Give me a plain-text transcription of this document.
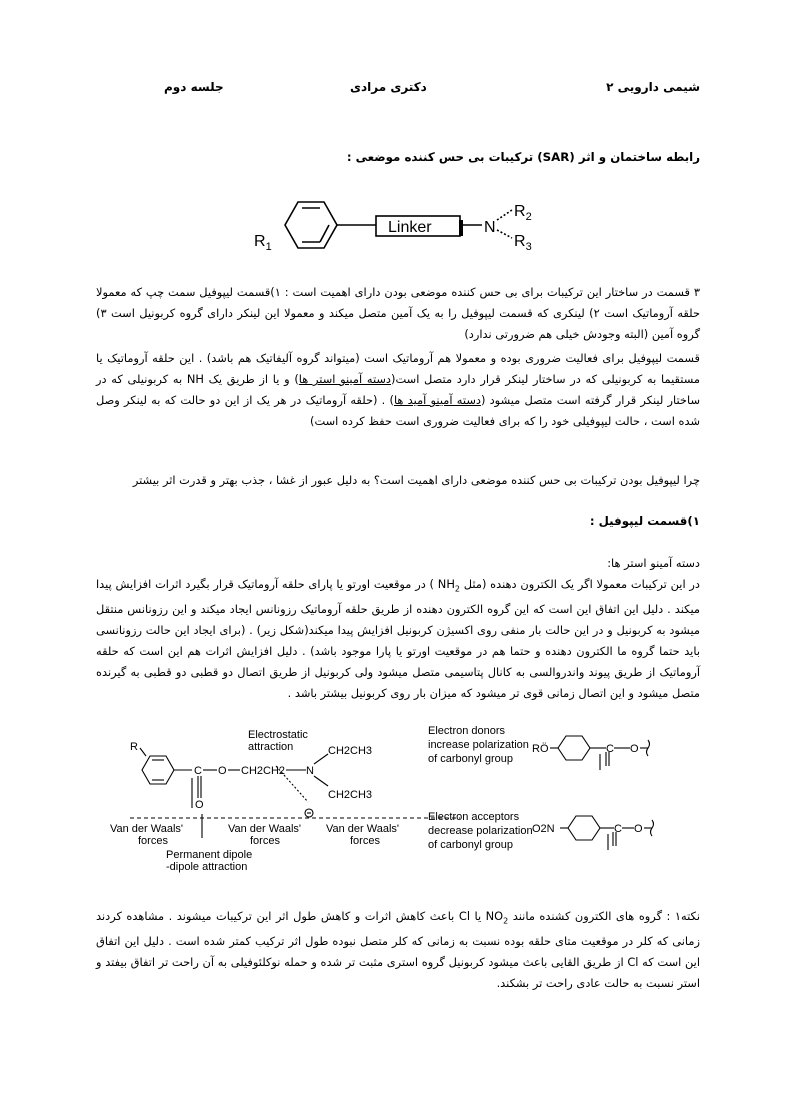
شیمی دارویی ۲
دکتری مرادی
جلسه دوم
رابطه ساختمان و اثر (SAR) ترکیبات بی حس کننده موضعی :
$R_1$
Linker	N
$R_2$
$R_3$
۳ قسمت در ساختار این ترکیبات برای بی حس کننده موضعی بودن دارای اهمیت است : ۱)قسمت لیپوفیل سمت چپ که معمولا حلقه آروماتیک است ۲) لینکری که قسمت لیپوفیل را به یک آمین متصل میکند و معمولا این لینکر دارای گروه کربونیل است ۳) گروه آمین (البته وجودش خیلی هم ضرورتی ندارد)
قسمت لیپوفیل برای فعالیت ضروری بوده و معمولا هم آروماتیک است (میتواند گروه آلیفاتیک هم باشد) . این حلقه آروماتیک یا مستقیما به کربونیلی که در ساختار لینکر قرار دارد متصل است(دسته آمینو استر ها) و یا از طریق یک NH به کربونیلی که در ساختار لینکر قرار گرفته است متصل میشود (دسته آمینو آمید ها) . (حلقه آروماتیک در هر یک از این دو حالت که به لینکر وصل شده است ، حالت لیپوفیلی خود را که برای فعالیت ضروری است حفظ کرده است)
چرا لیپوفیل بودن ترکیبات بی حس کننده موضعی دارای اهمیت است؟ به دلیل عبور از غشا ، جذب بهتر و قدرت اثر بیشتر
۱)قسمت لیپوفیل :
دسته آمینو استر ها:
در این ترکیبات معمولا اگر یک الکترون دهنده (مثل $NH_2$ ) در موقعیت اورتو یا پارای حلقه آروماتیک قرار بگیرد اثرات افزایش پیدا میکند . دلیل این اتفاق این است که این گروه الکترون دهنده از طریق حلقه آروماتیک رزونانس ایجاد میکند و این رزونانس منتقل میشود به کربونیل و در این حالت بار منفی روی اکسیژن کربونیل افزایش پیدا میکند(شکل زیر) . (برای ایجاد این حالت رزونانسی باید حتما گروه ما الکترون دهنده و حتما هم در موقعیت اورتو یا پارا موجود باشد) . دلیل افزایش اثرات هم این است که حلقه آروماتیک از طریق پیوند واندروالسی به کانال پتاسیمی متصل میشود ولی کربونیل از طریق اتصال دو قطبی دو قطبی به گیرنده متصل میشود و این اتصال زمانی قوی تر میشود که میزان بار روی کربونیل بیشتر باشد .
R
C O CH2CH2 N
CH2CH3
CH2CH3
O
Electrostatic
attraction
Van der Waals'
forces
Van der Waals'
forces
Van der Waals'
forces
Permanent dipole
-dipole attraction
Electron donors
increase polarization
of carbonyl group
Electron acceptors
decrease polarization
of carbonyl group
RÖ	C O
O2N	C O
نکته۱ : گروه های الکترون کشنده مانند $NO_2$ یا Cl باعث کاهش اثرات و کاهش طول اثر این ترکیبات میشوند . مشاهده کردند زمانی که کلر در موقعیت متای حلقه بوده نسبت به زمانی که کلر متصل نبوده طول اثر ترکیب کمتر شده است . دلیل این اتفاق این است که Cl از طریق القایی باعث میشود کربونیل گروه استری مثبت تر شده و حمله نوکلئوفیلی به آن راحت تر اتفاق بیفتد و استر نسبت به حالت عادی راحت تر بشکند.
